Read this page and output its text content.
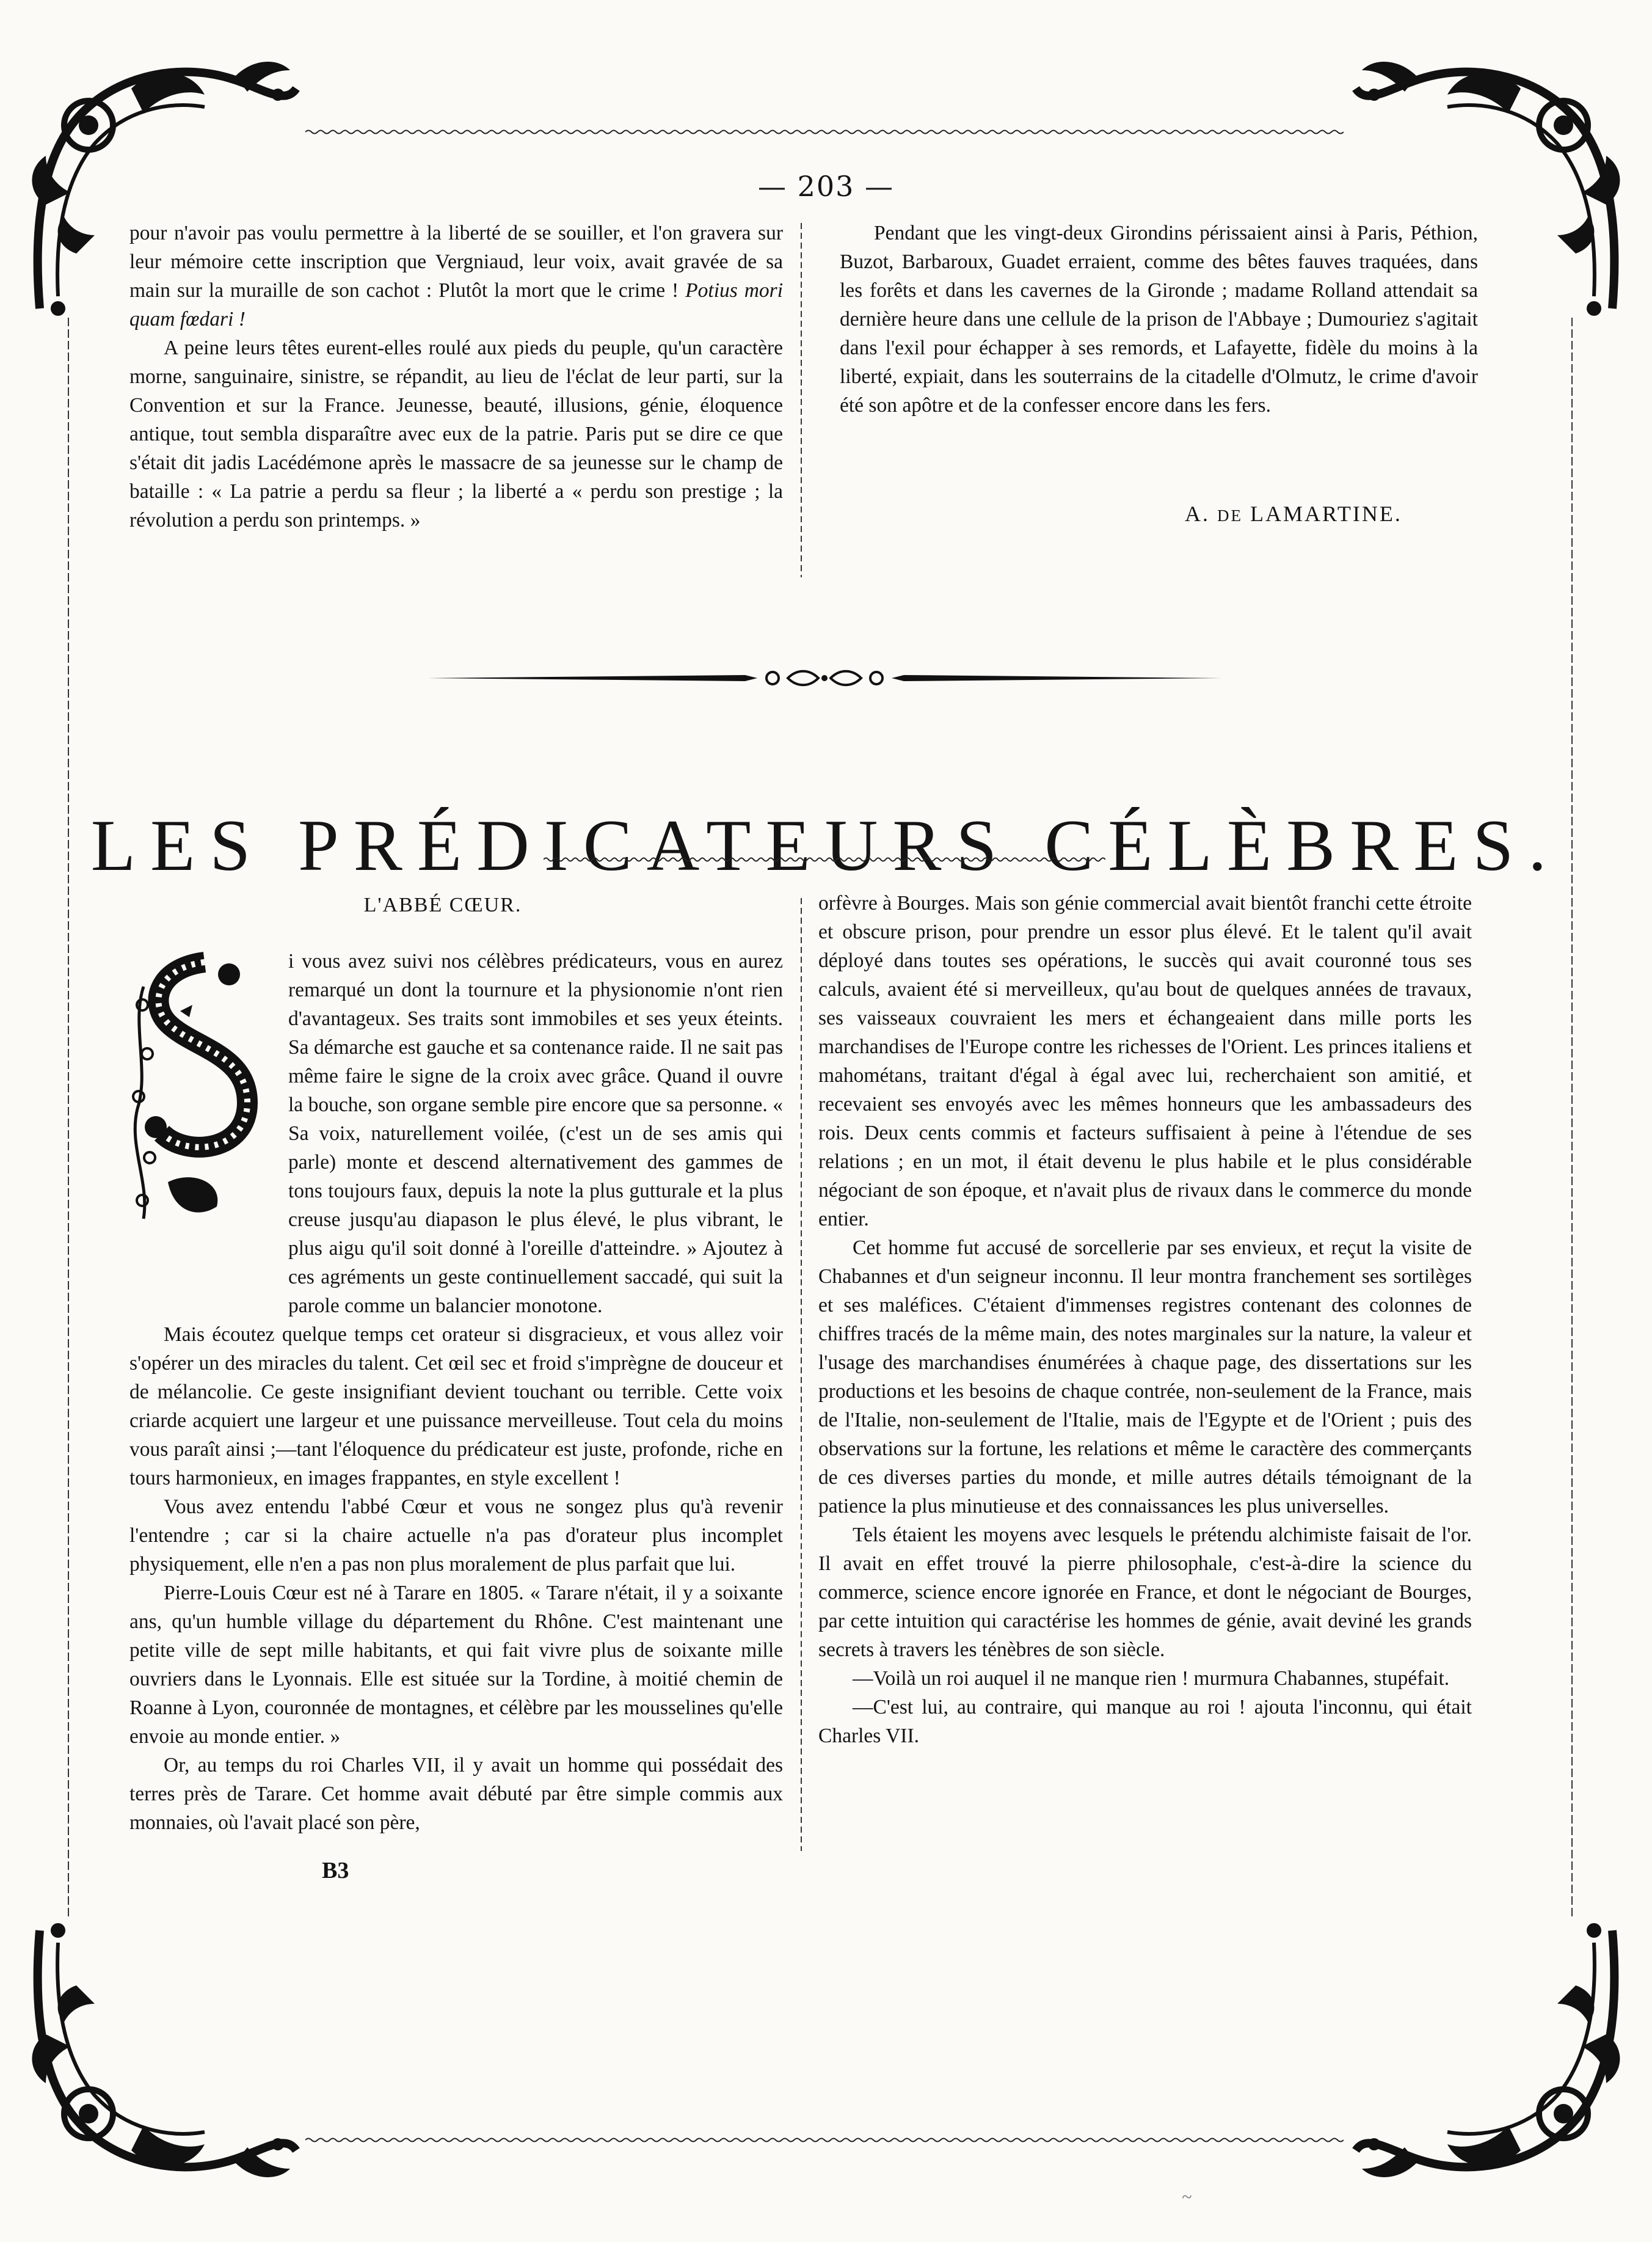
— 203 —

pour n'avoir pas voulu permettre à la liberté de se souiller, et l'on gravera sur leur mémoire cette inscription que Vergniaud, leur voix, avait gravée de sa main sur la muraille de son cachot : Plutôt la mort que le crime ! Potius mori quam fœdari !

A peine leurs têtes eurent-elles roulé aux pieds du peuple, qu'un caractère morne, sanguinaire, sinistre, se répandit, au lieu de l'éclat de leur parti, sur la Convention et sur la France. Jeunesse, beauté, illusions, génie, éloquence antique, tout sembla disparaître avec eux de la patrie. Paris put se dire ce que s'était dit jadis Lacédémone après le massacre de sa jeunesse sur le champ de bataille : « La patrie a perdu sa fleur ; la liberté a « perdu son prestige ; la révolution a perdu son printemps. »

Pendant que les vingt-deux Girondins périssaient ainsi à Paris, Péthion, Buzot, Barbaroux, Guadet erraient, comme des bêtes fauves traquées, dans les forêts et dans les cavernes de la Gironde ; madame Rolland attendait sa dernière heure dans une cellule de la prison de l'Abbaye ; Dumouriez s'agitait dans l'exil pour échapper à ses remords, et Lafayette, fidèle du moins à la liberté, expiait, dans les souterrains de la citadelle d'Olmutz, le crime d'avoir été son apôtre et de la confesser encore dans les fers.

A. DE LAMARTINE.
LES PRÉDICATEURS CÉLÈBRES.
L'ABBÉ CŒUR.

i vous avez suivi nos célèbres prédicateurs, vous en aurez remarqué un dont la tournure et la physionomie n'ont rien d'avantageux. Ses traits sont immobiles et ses yeux éteints. Sa démarche est gauche et sa contenance raide. Il ne sait pas même faire le signe de la croix avec grâce. Quand il ouvre la bouche, son organe semble pire encore que sa personne. « Sa voix, naturellement voilée, (c'est un de ses amis qui parle) monte et descend alternativement des gammes de tons toujours faux, depuis la note la plus gutturale et la plus creuse jusqu'au diapason le plus élevé, le plus vibrant, le plus aigu qu'il soit donné à l'oreille d'atteindre. » Ajoutez à ces agréments un geste continuellement saccadé, qui suit la parole comme un balancier monotone.

Mais écoutez quelque temps cet orateur si disgracieux, et vous allez voir s'opérer un des miracles du talent. Cet œil sec et froid s'imprègne de douceur et de mélancolie. Ce geste insignifiant devient touchant ou terrible. Cette voix criarde acquiert une largeur et une puissance merveilleuse. Tout cela du moins vous paraît ainsi ;—tant l'éloquence du prédicateur est juste, profonde, riche en tours harmonieux, en images frappantes, en style excellent !

Vous avez entendu l'abbé Cœur et vous ne songez plus qu'à revenir l'entendre ; car si la chaire actuelle n'a pas d'orateur plus incomplet physiquement, elle n'en a pas non plus moralement de plus parfait que lui.

Pierre-Louis Cœur est né à Tarare en 1805. « Tarare n'était, il y a soixante ans, qu'un humble village du département du Rhône. C'est maintenant une petite ville de sept mille habitants, et qui fait vivre plus de soixante mille ouvriers dans le Lyonnais. Elle est située sur la Tordine, à moitié chemin de Roanne à Lyon, couronnée de montagnes, et célèbre par les mousselines qu'elle envoie au monde entier. »

Or, au temps du roi Charles VII, il y avait un homme qui possédait des terres près de Tarare. Cet homme avait débuté par être simple commis aux monnaies, où l'avait placé son père,

orfèvre à Bourges. Mais son génie commercial avait bientôt franchi cette étroite et obscure prison, pour prendre un essor plus élevé. Et le talent qu'il avait déployé dans toutes ses opérations, le succès qui avait couronné tous ses calculs, avaient été si merveilleux, qu'au bout de quelques années de travaux, ses vaisseaux couvraient les mers et échangeaient dans mille ports les marchandises de l'Europe contre les richesses de l'Orient. Les princes italiens et mahométans, traitant d'égal à égal avec lui, recherchaient son amitié, et recevaient ses envoyés avec les mêmes honneurs que les ambassadeurs des rois. Deux cents commis et facteurs suffisaient à peine à l'étendue de ses relations ; en un mot, il était devenu le plus habile et le plus considérable négociant de son époque, et n'avait plus de rivaux dans le commerce du monde entier.

Cet homme fut accusé de sorcellerie par ses envieux, et reçut la visite de Chabannes et d'un seigneur inconnu. Il leur montra franchement ses sortilèges et ses maléfices. C'étaient d'immenses registres contenant des colonnes de chiffres tracés de la même main, des notes marginales sur la nature, la valeur et l'usage des marchandises énumérées à chaque page, des dissertations sur les productions et les besoins de chaque contrée, non-seulement de la France, mais de l'Italie, non-seulement de l'Italie, mais de l'Egypte et de l'Orient ; puis des observations sur la fortune, les relations et même le caractère des commerçants de ces diverses parties du monde, et mille autres détails témoignant de la patience la plus minutieuse et des connaissances les plus universelles.

Tels étaient les moyens avec lesquels le prétendu alchimiste faisait de l'or. Il avait en effet trouvé la pierre philosophale, c'est-à-dire la science du commerce, science encore ignorée en France, et dont le négociant de Bourges, par cette intuition qui caractérise les hommes de génie, avait deviné les grands secrets à travers les ténèbres de son siècle.

—Voilà un roi auquel il ne manque rien ! murmura Chabannes, stupéfait.

—C'est lui, au contraire, qui manque au roi ! ajouta l'inconnu, qui était Charles VII.

B3
~
